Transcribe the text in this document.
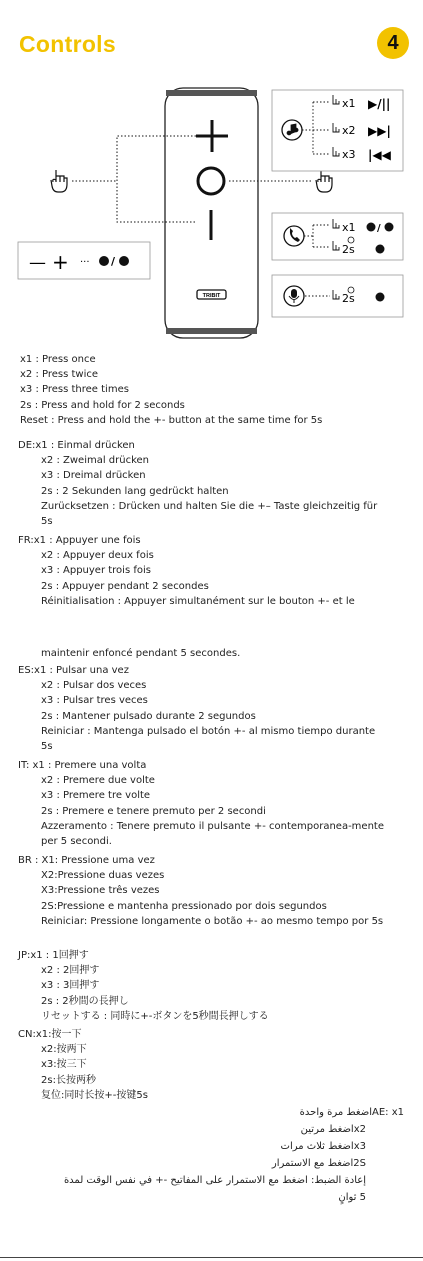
Controls	4
TRIBIT
x1 ▶/||
x2 ▶▶|
x3 |◀◀
x1
2s
/
2s
— + ··· /
x1 : Press once
x2 : Press twice
x3 : Press three times
2s : Press and hold for 2 seconds
Reset : Press and hold the +- button at the same time for 5s
DE:x1 : Einmal drücken
x2 : Zweimal drücken
x3 : Dreimal drücken
2s : 2 Sekunden lang gedrückt halten
Zurücksetzen : Drücken und halten Sie die +– Taste gleichzeitig für 5s
FR:x1 : Appuyer une fois
x2 : Appuyer deux fois
x3 : Appuyer trois fois
2s : Appuyer pendant 2 secondes
Réinitialisation : Appuyer simultanément sur le bouton +- et le
maintenir enfoncé pendant 5 secondes.
ES:x1 : Pulsar una vez
x2 : Pulsar dos veces
x3 : Pulsar tres veces
2s : Mantener pulsado durante 2 segundos
Reiniciar : Mantenga pulsado el botón +- al mismo tiempo durante 5s
IT: x1 : Premere una volta
x2 : Premere due volte
x3 : Premere tre volte
2s : Premere e tenere premuto per 2 secondi
Azzeramento : Tenere premuto il pulsante +- contemporanea-mente per 5 secondi.
BR : X1: Pressione uma vez
X2:Pressione duas vezes
X3:Pressione três vezes
2S:Pressione e mantenha pressionado por dois segundos
Reiniciar: Pressione longamente o botão +- ao mesmo tempo por 5s
JP:x1 : 1回押す
x2 : 2回押す
x3 : 3回押す
2s : 2秒間の長押し
リセットする : 同時に+-ボタンを5秒間長押しする
CN:x1:按一下
x2:按两下
x3:按三下
2s:长按两秒
复位:同时长按+-按键5s
AE: x1اضغط مرة واحدة
x2اضغط مرتين
x3اضغط ثلاث مرات
2Sاضغط مع الاستمرار
إعادة الضبط: اضغط مع الاستمرار على المفاتيح -+ في نفس الوقت لمدة
5 ثوانٍ
